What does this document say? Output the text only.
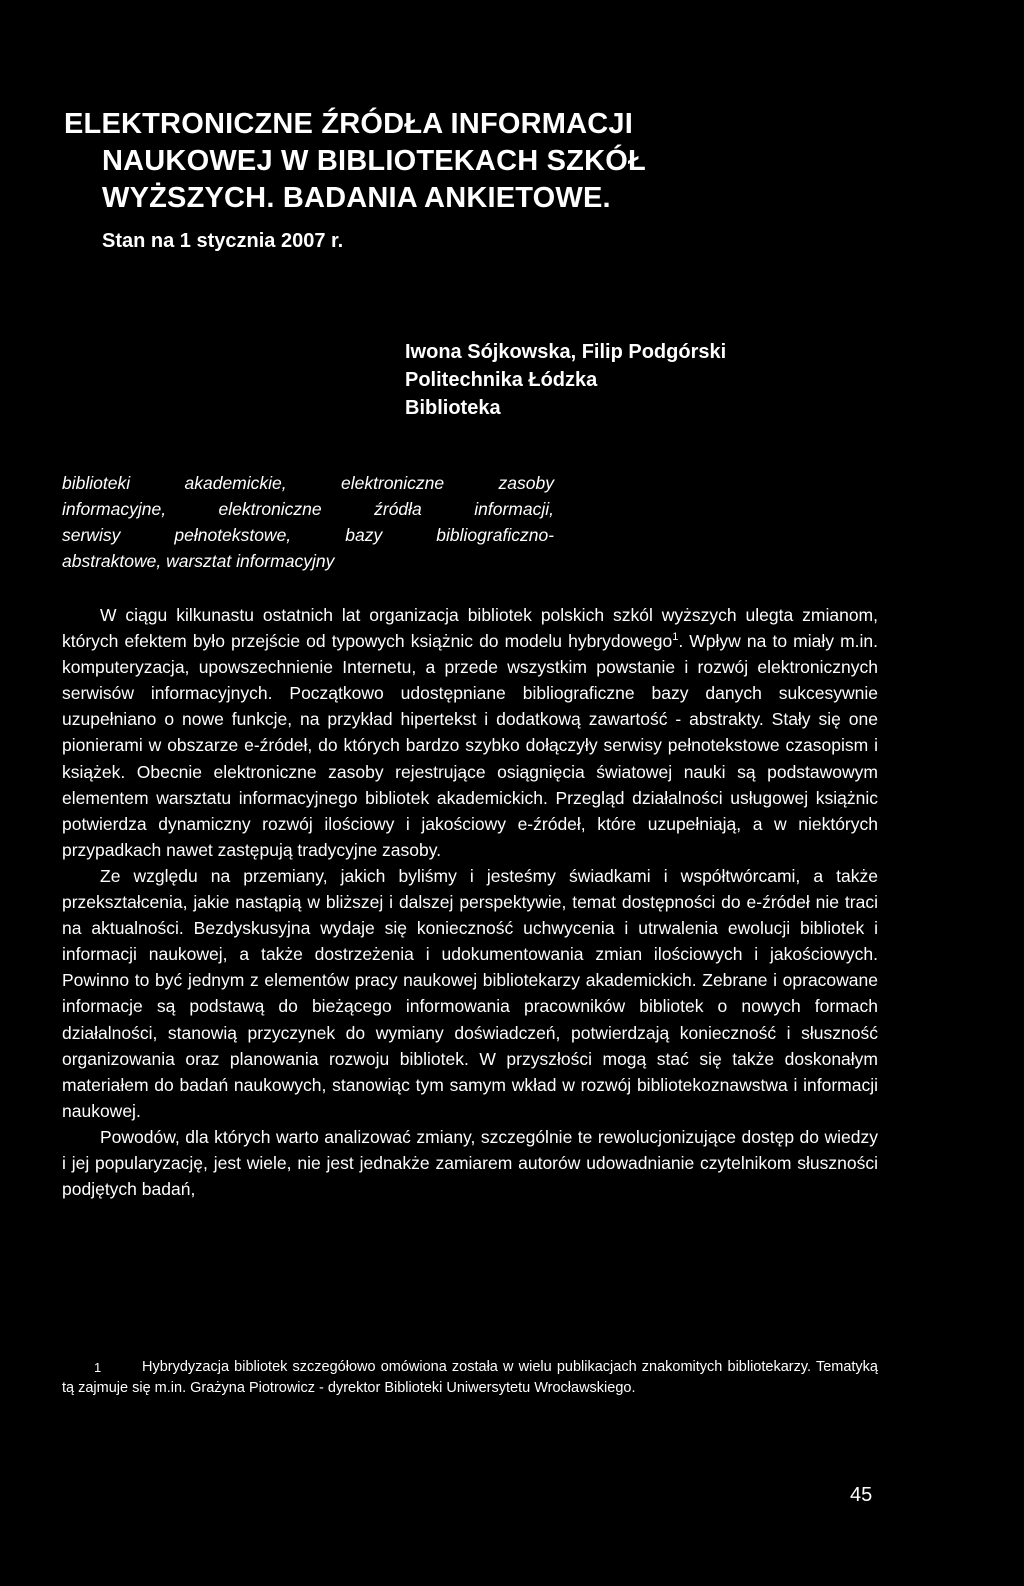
ELEKTRONICZNE ŹRÓDŁA INFORMACJI
NAUKOWEJ W BIBLIOTEKACH SZKÓŁ
WYŻSZYCH. BADANIA ANKIETOWE.
Stan na 1 stycznia 2007 r.
Iwona Sójkowska, Filip Podgórski
Politechnika Łódzka
Biblioteka
biblioteki akademickie, elektroniczne zasoby
informacyjne, elektroniczne źródła informacji,
serwisy pełnotekstowe, bazy bibliograficzno-
abstraktowe, warsztat informacyjny

W ciągu kilkunastu ostatnich lat organizacja bibliotek polskich szkól wyższych ulegta zmianom, których efektem było przejście od typowych książnic do modelu hybrydowego$^1$. Wpływ na to miały m.in. komputeryzacja, upowszechnienie Internetu, a przede wszystkim powstanie i rozwój elektronicznych serwisów informacyjnych. Początkowo udostępniane bibliograficzne bazy danych sukcesywnie uzupełniano o nowe funkcje, na przykład hipertekst i dodatkową zawartość - abstrakty. Stały się one pionierami w obszarze e-źródeł, do których bardzo szybko dołączyły serwisy pełnotekstowe czasopism i książek. Obecnie elektroniczne zasoby rejestrujące osiągnięcia światowej nauki są podstawowym elementem warsztatu informacyjnego bibliotek akademickich. Przegląd działalności usługowej książnic potwierdza dynamiczny rozwój ilościowy i jakościowy e-źródeł, które uzupełniają, a w niektórych przypadkach nawet zastępują tradycyjne zasoby.

Ze względu na przemiany, jakich byliśmy i jesteśmy świadkami i współtwórcami, a także przekształcenia, jakie nastąpią w bliższej i dalszej perspektywie, temat dostępności do e-źródeł nie traci na aktualności. Bezdyskusyjna wydaje się konieczność uchwycenia i utrwalenia ewolucji bibliotek i informacji naukowej, a także dostrzeżenia i udokumentowania zmian ilościowych i jakościowych. Powinno to być jednym z elementów pracy naukowej bibliotekarzy akademickich. Zebrane i opracowane informacje są podstawą do bieżącego informowania pracowników bibliotek o nowych formach działalności, stanowią przyczynek do wymiany doświadczeń, potwierdzają konieczność i słuszność organizowania oraz planowania rozwoju bibliotek. W przyszłości mogą stać się także doskonałym materiałem do badań naukowych, stanowiąc tym samym wkład w rozwój bibliotekoznawstwa i informacji naukowej.

Powodów, dla których warto analizować zmiany, szczególnie te rewolucjonizujące dostęp do wiedzy i jej popularyzację, jest wiele, nie jest jednakże zamiarem autorów udowadnianie czytelnikom słuszności podjętych badań,

1	Hybrydyzacja bibliotek szczegółowo omówiona została w wielu publikacjach znakomitych bibliotekarzy. Tematyką tą zajmuje się m.in. Grażyna Piotrowicz - dyrektor Biblioteki Uniwersytetu Wrocławskiego.
45
